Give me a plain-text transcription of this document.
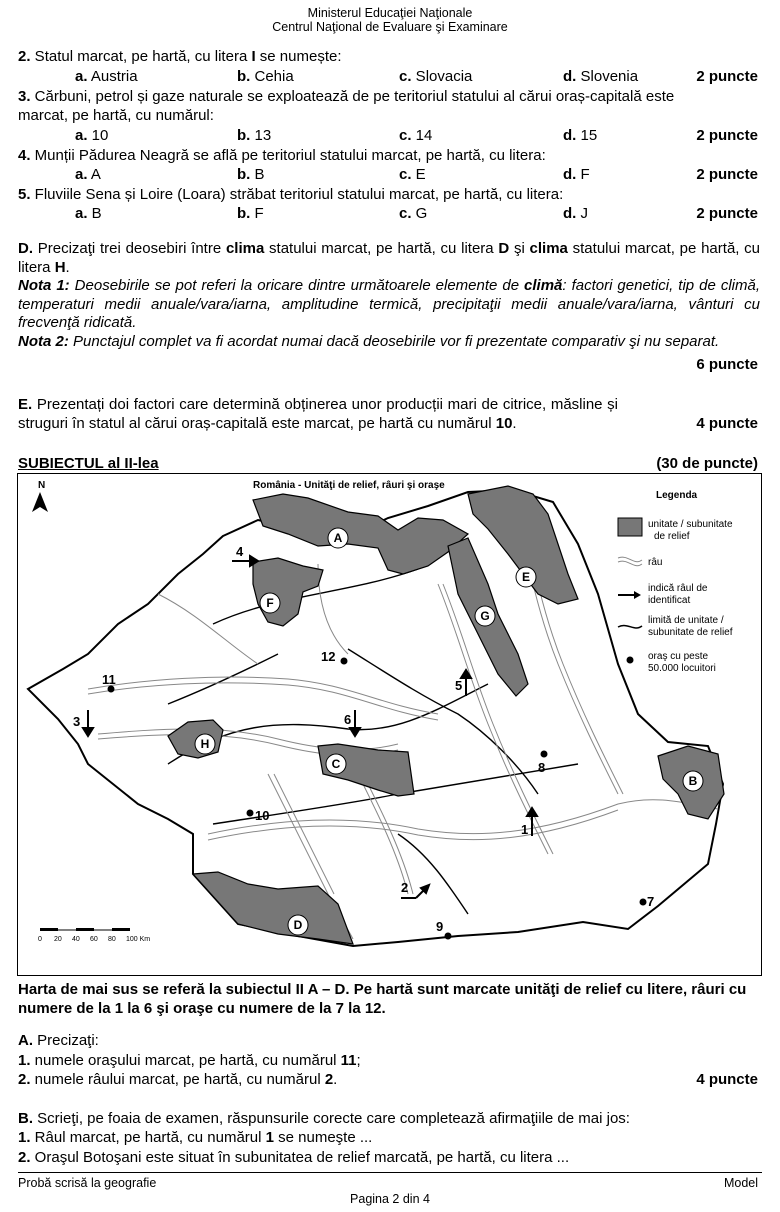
Ministerul Educaţiei Naţionale
Centrul Naţional de Evaluare şi Examinare
2. Statul marcat, pe hartă, cu litera I se numește:
a. Austria	b. Cehia	c. Slovacia	d. Slovenia	2 puncte
3. Cărbuni, petrol și gaze naturale se exploatează de pe teritoriul statului al cărui oraș-capitală este
marcat, pe hartă, cu numărul:
a. 10	b. 13	c. 14	d. 15	2 puncte
4. Munții Pădurea Neagră se află pe teritoriul statului marcat, pe hartă, cu litera:
a. A	b. B	c. E	d. F	2 puncte
5. Fluviile Sena și Loire (Loara) străbat teritoriul statului marcat, pe hartă, cu litera:
a. B	b. F	c. G	d. J	2 puncte
D. Precizaţi trei deosebiri între clima statului marcat, pe hartă, cu litera D şi clima statului marcat, pe hartă, cu litera H.
Nota 1: Deosebirile se pot referi la oricare dintre următoarele elemente de climă: factori genetici, tip de climă, temperaturi medii anuale/vara/iarna, amplitudine termică, precipitaţii medii anuale/vara/iarna, vânturi cu frecvenţă ridicată.
Nota 2: Punctajul complet va fi acordat numai dacă deosebirile vor fi prezentate comparativ şi nu separat.
6 puncte
E. Prezentați doi factori care determină obținerea unor producții mari de citrice, măsline și struguri în statul al cărui oraș-capitală este marcat, pe hartă cu numărul 10.	4 puncte
SUBIECTUL al II-lea	(30 de puncte)
A
B
C
D
E
F
G
H
1
2
3
4
5
6
7
8
9
10
11
12
România - Unităţi de relief, râuri şi oraşe
N
Legenda
unitate / subunitate
de relief
râu
indică râul de
identificat
limită de unitate /
subunitate de relief
oraş cu peste
50.000 locuitori
0 20 40 60 80 100 Km
Harta de mai sus se referă la subiectul II A – D. Pe hartă sunt marcate unităţi de relief cu litere, râuri cu numere de la 1 la 6 şi oraşe cu numere de la 7 la 12.
A. Precizaţi:
1. numele oraşului marcat, pe hartă, cu numărul 11;
2. numele râului marcat, pe hartă, cu numărul 2.	4 puncte
B. Scrieţi, pe foaia de examen, răspunsurile corecte care completează afirmaţiile de mai jos:
1. Râul marcat, pe hartă, cu numărul 1 se numeşte ...
2. Oraşul Botoşani este situat în subunitatea de relief marcată, pe hartă, cu litera ...
Probă scrisă la geografie	Model
Pagina 2 din 4
